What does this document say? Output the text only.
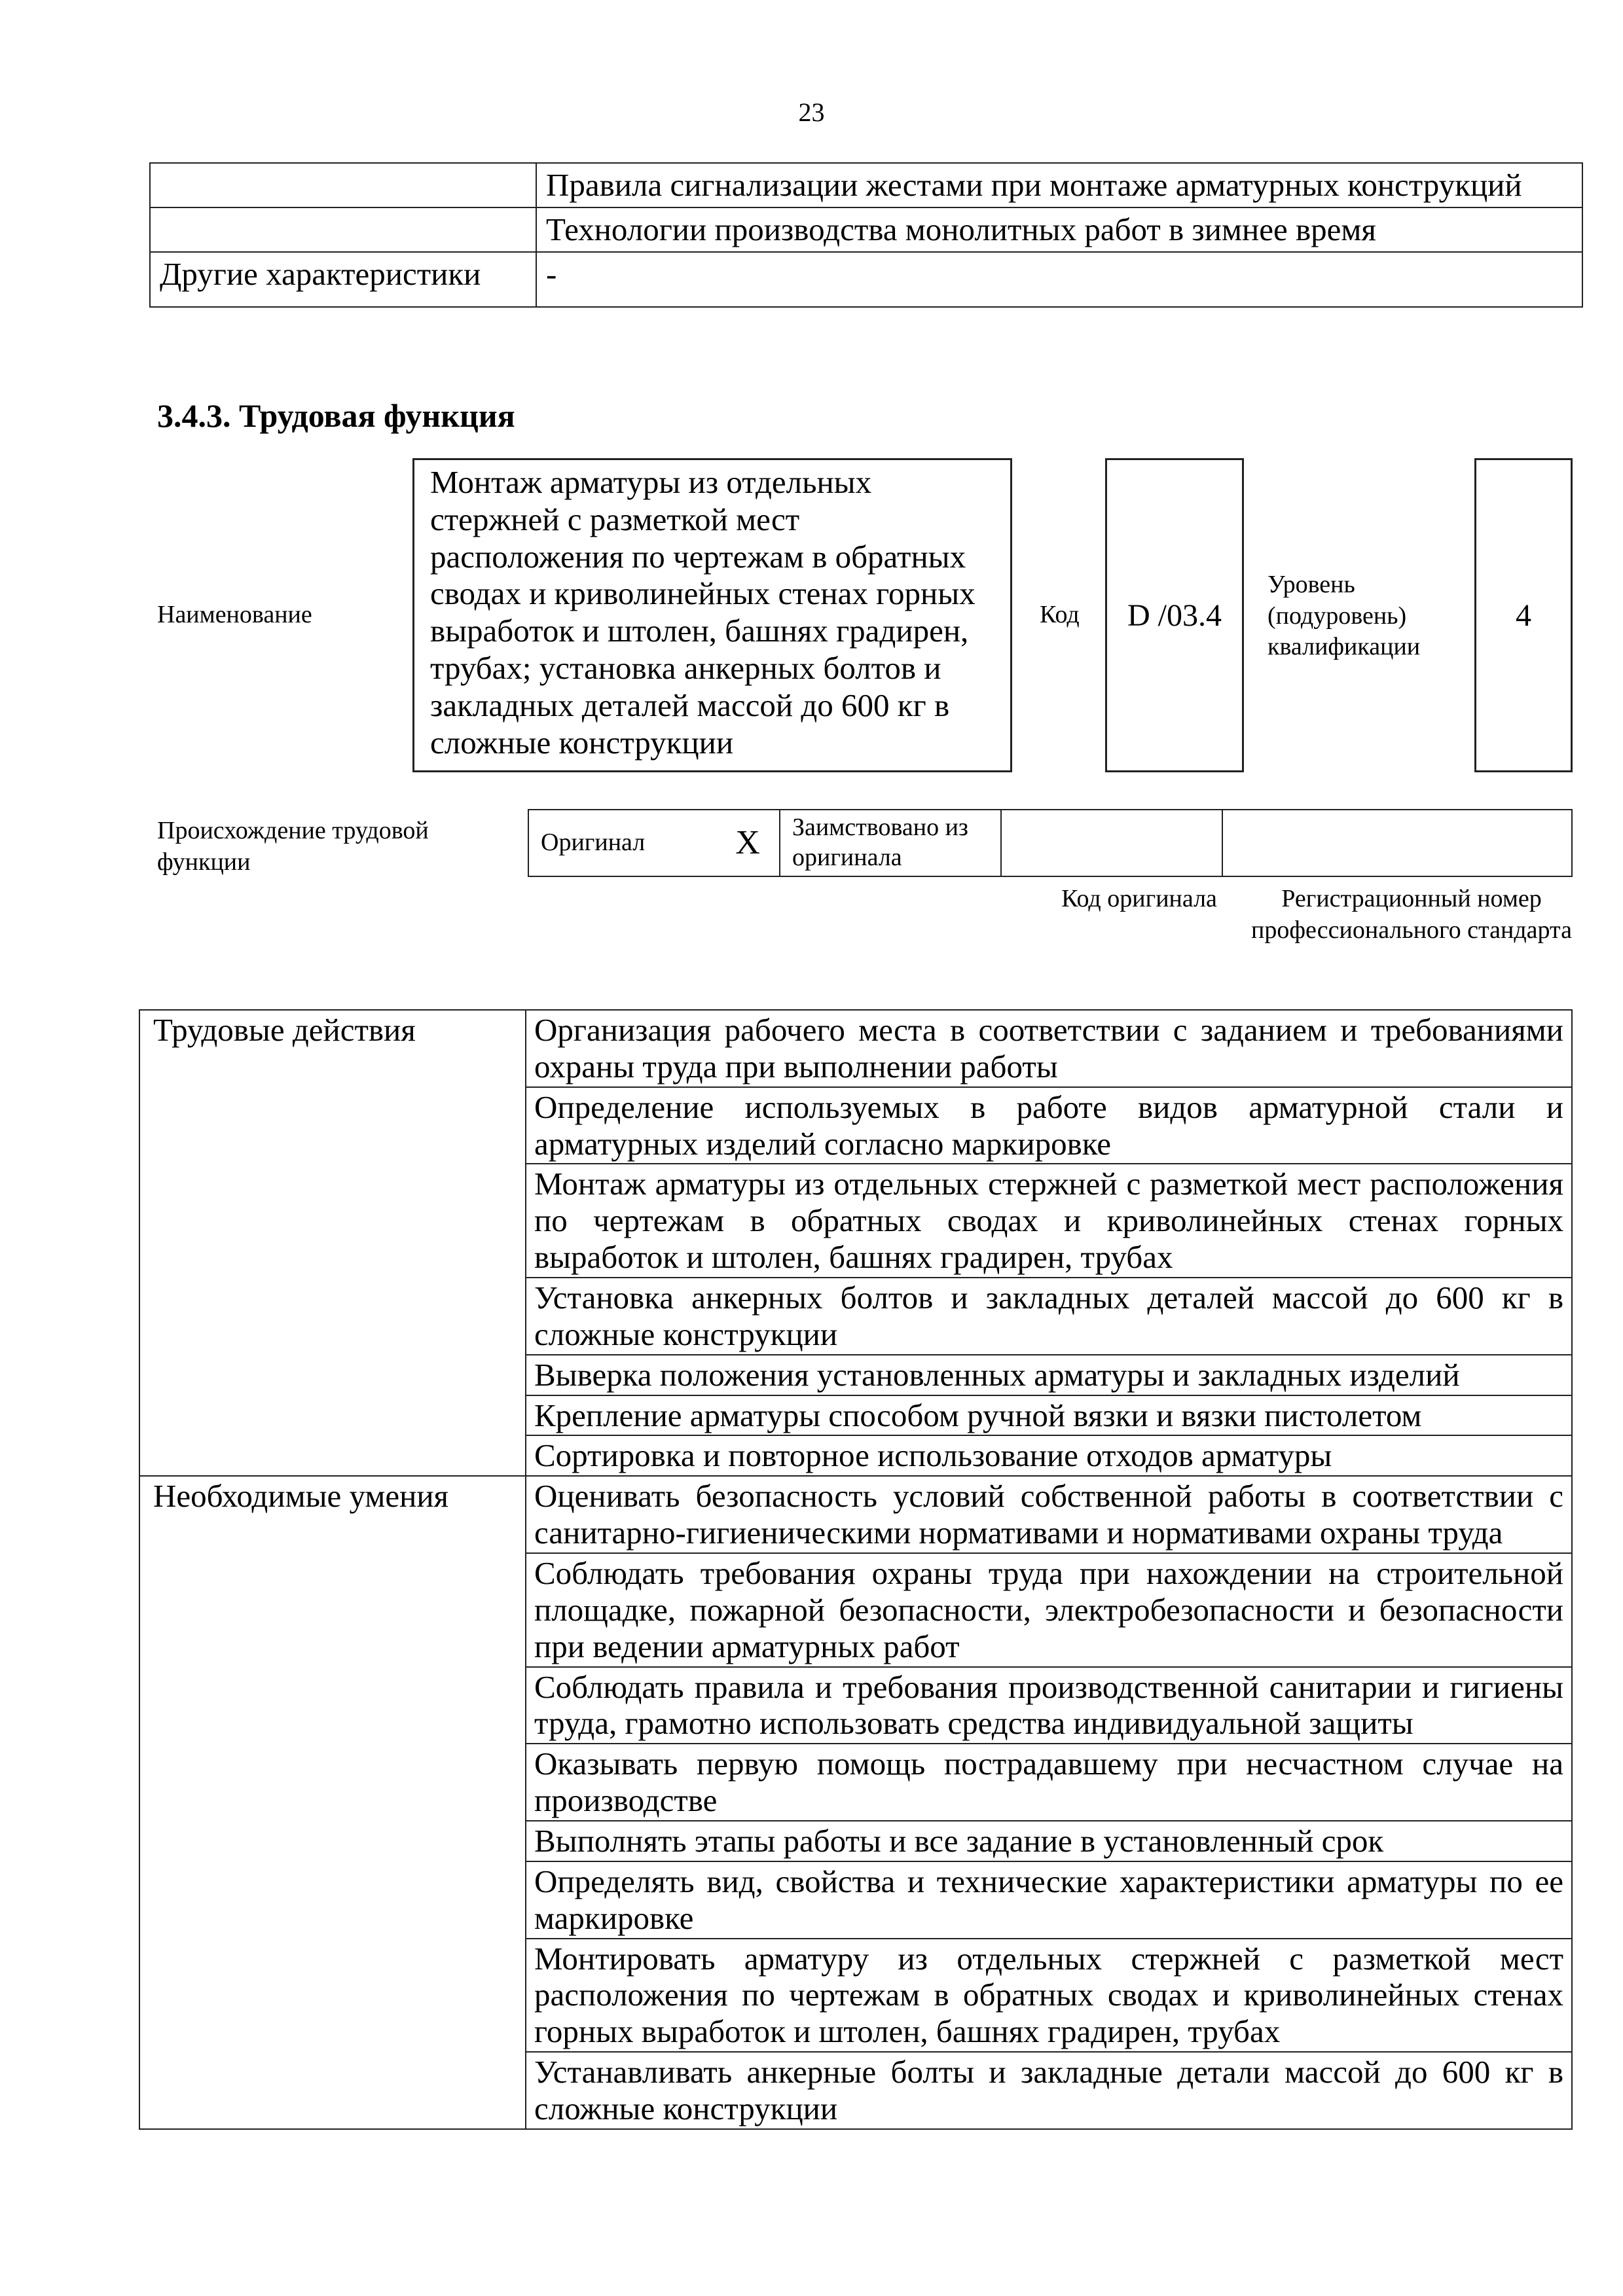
23
	Правила сигнализации жестами при монтаже арматурных конструкций
	Технологии производства монолитных работ в зимнее время
Другие характеристики	-
3.4.3. Трудовая функция
Наименование
Монтаж арматуры из отдельных стержней с разметкой мест расположения по чертежам в обратных сводах и криволинейных стенах горных выработок и штолен, башнях градирен, трубах; установка анкерных болтов и закладных деталей массой до 600 кг в сложные конструкции
Код	D /03.4
Уровень (подуровень) квалификации
4
Происхождение трудовой функции
Оригинал	X	Заимствовано из оригинала		
Код оригинала	Регистрационный номер профессионального стандарта
Трудовые действия	Организация рабочего места в соответствии с заданием и требованиями охраны труда при выполнении работы
	Определение используемых в работе видов арматурной стали и арматурных изделий согласно маркировке
	Монтаж арматуры из отдельных стержней с разметкой мест расположения по чертежам в обратных сводах и криволинейных стенах горных выработок и штолен, башнях градирен, трубах
	Установка анкерных болтов и закладных деталей массой до 600 кг в сложные конструкции
	Выверка положения установленных арматуры и закладных изделий
	Крепление арматуры способом ручной вязки и вязки пистолетом
	Сортировка и повторное использование отходов арматуры
Необходимые умения	Оценивать безопасность условий собственной работы в соответствии с санитарно-гигиеническими нормативами и нормативами охраны труда
	Соблюдать требования охраны труда при нахождении на строительной площадке, пожарной безопасности, электробезопасности и безопасности при ведении арматурных работ
	Соблюдать правила и требования производственной санитарии и гигиены труда, грамотно использовать средства индивидуальной защиты
	Оказывать первую помощь пострадавшему при несчастном случае на производстве
	Выполнять этапы работы и все задание в установленный срок
	Определять вид, свойства и технические характеристики арматуры по ее маркировке
	Монтировать арматуру из отдельных стержней с разметкой мест расположения по чертежам в обратных сводах и криволинейных стенах горных выработок и штолен, башнях градирен, трубах
	Устанавливать анкерные болты и закладные детали массой до 600 кг в сложные конструкции
